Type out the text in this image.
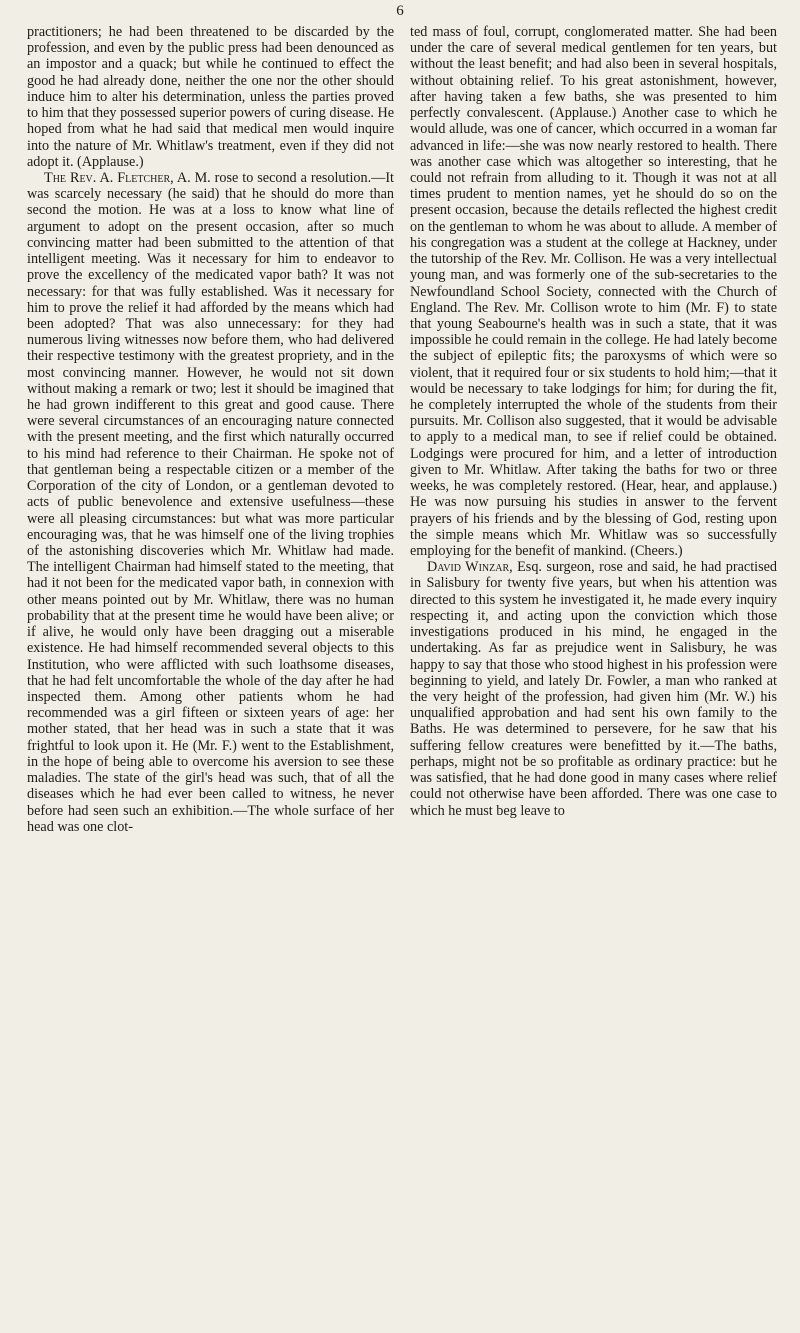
6

practitioners; he had been threatened to be discarded by the profession, and even by the public press had been denounced as an impostor and a quack; but while he continued to effect the good he had already done, neither the one nor the other should induce him to alter his determination, unless the parties proved to him that they possessed superior powers of curing disease. He hoped from what he had said that medical men would inquire into the nature of Mr. Whitlaw's treatment, even if they did not adopt it. (Applause.)

The Rev. A. Fletcher, A. M. rose to second a resolution.—It was scarcely necessary (he said) that he should do more than second the motion. He was at a loss to know what line of argument to adopt on the present occasion, after so much convincing matter had been submitted to the attention of that intelligent meeting. Was it necessary for him to endeavor to prove the excellency of the medicated vapor bath? It was not necessary: for that was fully established. Was it necessary for him to prove the relief it had afforded by the means which had been adopted? That was also unnecessary: for they had numerous living witnesses now before them, who had delivered their respective testimony with the greatest propriety, and in the most convincing manner. However, he would not sit down without making a remark or two; lest it should be imagined that he had grown indifferent to this great and good cause. There were several circumstances of an encouraging nature connected with the present meeting, and the first which naturally occurred to his mind had reference to their Chairman. He spoke not of that gentleman being a respectable citizen or a member of the Corporation of the city of London, or a gentleman devoted to acts of public benevolence and extensive usefulness—these were all pleasing circumstances: but what was more particular encouraging was, that he was himself one of the living trophies of the astonishing discoveries which Mr. Whitlaw had made. The intelligent Chairman had himself stated to the meeting, that had it not been for the medicated vapor bath, in connexion with other means pointed out by Mr. Whitlaw, there was no human probability that at the present time he would have been alive; or if alive, he would only have been dragging out a miserable existence. He had himself recommended several objects to this Institution, who were afflicted with such loathsome diseases, that he had felt uncomfortable the whole of the day after he had inspected them. Among other patients whom he had recommended was a girl fifteen or sixteen years of age: her mother stated, that her head was in such a state that it was frightful to look upon it. He (Mr. F.) went to the Establishment, in the hope of being able to overcome his aversion to see these maladies. The state of the girl's head was such, that of all the diseases which he had ever been called to witness, he never before had seen such an exhibition.—The whole surface of her head was one clot-

ted mass of foul, corrupt, conglomerated matter. She had been under the care of several medical gentlemen for ten years, but without the least benefit; and had also been in several hospitals, without obtaining relief. To his great astonishment, however, after having taken a few baths, she was presented to him perfectly convalescent. (Applause.) Another case to which he would allude, was one of cancer, which occurred in a woman far advanced in life:—she was now nearly restored to health. There was another case which was altogether so interesting, that he could not refrain from alluding to it. Though it was not at all times prudent to mention names, yet he should do so on the present occasion, because the details reflected the highest credit on the gentleman to whom he was about to allude. A member of his congregation was a student at the college at Hackney, under the tutorship of the Rev. Mr. Collison. He was a very intellectual young man, and was formerly one of the sub-secretaries to the Newfoundland School Society, connected with the Church of England. The Rev. Mr. Collison wrote to him (Mr. F) to state that young Seabourne's health was in such a state, that it was impossible he could remain in the college. He had lately become the subject of epileptic fits; the paroxysms of which were so violent, that it required four or six students to hold him;—that it would be necessary to take lodgings for him; for during the fit, he completely interrupted the whole of the students from their pursuits. Mr. Collison also suggested, that it would be advisable to apply to a medical man, to see if relief could be obtained. Lodgings were procured for him, and a letter of introduction given to Mr. Whitlaw. After taking the baths for two or three weeks, he was completely restored. (Hear, hear, and applause.) He was now pursuing his studies in answer to the fervent prayers of his friends and by the blessing of God, resting upon the simple means which Mr. Whitlaw was so successfully employing for the benefit of mankind. (Cheers.)

David Winzar, Esq. surgeon, rose and said, he had practised in Salisbury for twenty five years, but when his attention was directed to this system he investigated it, he made every inquiry respecting it, and acting upon the conviction which those investigations produced in his mind, he engaged in the undertaking. As far as prejudice went in Salisbury, he was happy to say that those who stood highest in his profession were beginning to yield, and lately Dr. Fowler, a man who ranked at the very height of the profession, had given him (Mr. W.) his unqualified approbation and had sent his own family to the Baths. He was determined to persevere, for he saw that his suffering fellow creatures were benefitted by it.—The baths, perhaps, might not be so profitable as ordinary practice: but he was satisfied, that he had done good in many cases where relief could not otherwise have been afforded. There was one case to which he must beg leave to
